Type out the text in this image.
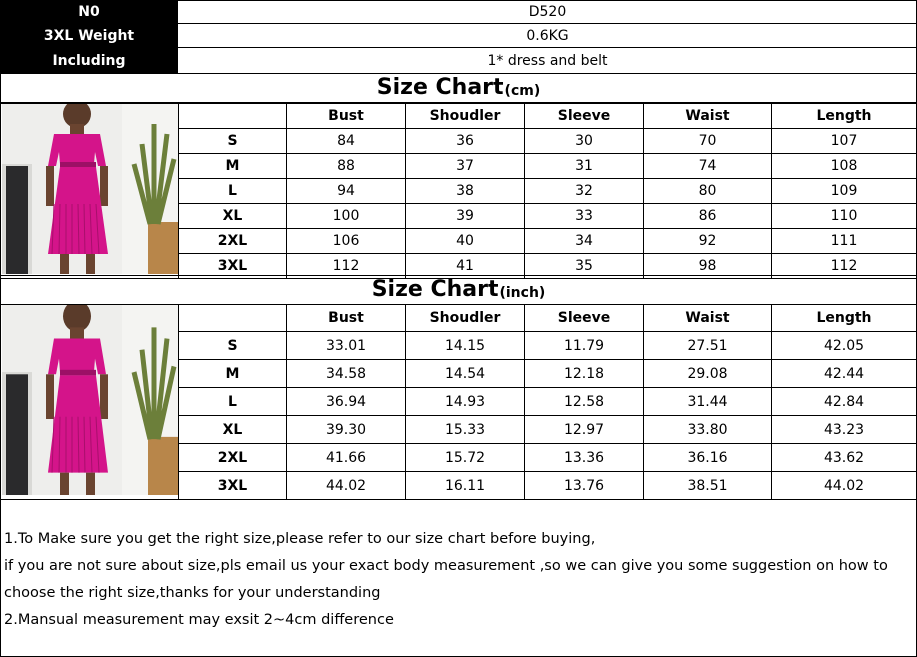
N0	D520
3XL Weight	0.6KG
Including	1* dress and belt
Size Chart (cm)
		Bust	Shoudler	Sleeve	Waist	Length
	S	84	36	30	70	107
	M	88	37	31	74	108
	L	94	38	32	80	109
	XL	100	39	33	86	110
	2XL	106	40	34	92	111
	3XL	112	41	35	98	112
Size Chart (inch)
		Bust	Shoudler	Sleeve	Waist	Length
	S	33.01	14.15	11.79	27.51	42.05
	M	34.58	14.54	12.18	29.08	42.44
	L	36.94	14.93	12.58	31.44	42.84
	XL	39.30	15.33	12.97	33.80	43.23
	2XL	41.66	15.72	13.36	36.16	43.62
	3XL	44.02	16.11	13.76	38.51	44.02
1.To Make sure you get the right size,please refer to our size chart before buying,
if you are not sure about size,pls email us your exact body measurement ,so we can give you some suggestion on how to
choose the right size,thanks for your understanding
2.Mansual measurement may exsit 2~4cm difference
